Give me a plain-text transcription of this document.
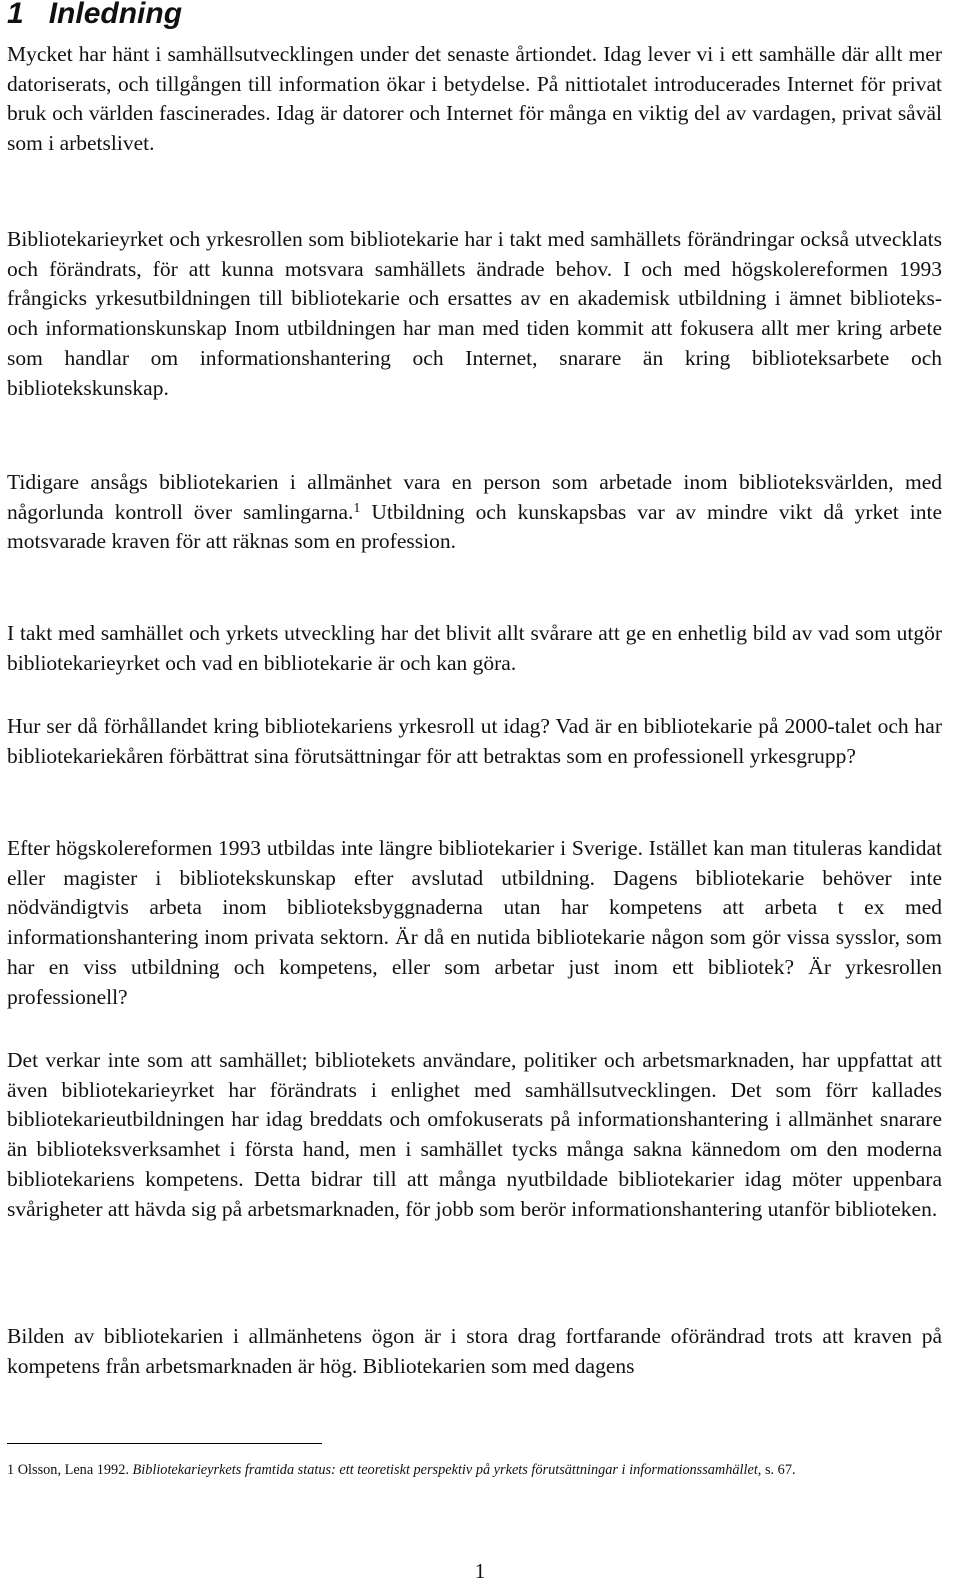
1 Inledning

Mycket har hänt i samhällsutvecklingen under det senaste årtiondet. Idag lever vi i ett samhälle där allt mer datoriserats, och tillgången till information ökar i betydelse. På nittiotalet introducerades Internet för privat bruk och världen fascinerades. Idag är datorer och Internet för många en viktig del av vardagen, privat såväl som i arbetslivet.

Bibliotekarieyrket och yrkesrollen som bibliotekarie har i takt med samhällets förändringar också utvecklats och förändrats, för att kunna motsvara samhällets ändrade behov. I och med högskolereformen 1993 frångicks yrkesutbildningen till bibliotekarie och ersattes av en akademisk utbildning i ämnet biblioteks- och informationskunskap Inom utbildningen har man med tiden kommit att fokusera allt mer kring arbete som handlar om informationshantering och Internet, snarare än kring biblioteksarbete och bibliotekskunskap.

Tidigare ansågs bibliotekarien i allmänhet vara en person som arbetade inom biblioteksvärlden, med någorlunda kontroll över samlingarna.$^1$ Utbildning och kunskapsbas var av mindre vikt då yrket inte motsvarade kraven för att räknas som en profession.

I takt med samhället och yrkets utveckling har det blivit allt svårare att ge en enhetlig bild av vad som utgör bibliotekarieyrket och vad en bibliotekarie är och kan göra.

Hur ser då förhållandet kring bibliotekariens yrkesroll ut idag? Vad är en bibliotekarie på 2000-talet och har bibliotekariekåren förbättrat sina förutsättningar för att betraktas som en professionell yrkesgrupp?

Efter högskolereformen 1993 utbildas inte längre bibliotekarier i Sverige. Istället kan man tituleras kandidat eller magister i bibliotekskunskap efter avslutad utbildning. Dagens bibliotekarie behöver inte nödvändigtvis arbeta inom biblioteksbyggnaderna utan har kompetens att arbeta t ex med informationshantering inom privata sektorn. Är då en nutida bibliotekarie någon som gör vissa sysslor, som har en viss utbildning och kompetens, eller som arbetar just inom ett bibliotek? Är yrkesrollen professionell?

Det verkar inte som att samhället; bibliotekets användare, politiker och arbetsmarknaden, har uppfattat att även bibliotekarieyrket har förändrats i enlighet med samhällsutvecklingen. Det som förr kallades bibliotekarieutbildningen har idag breddats och omfokuserats på informationshantering i allmänhet snarare än biblioteksverksamhet i första hand, men i samhället tycks många sakna kännedom om den moderna bibliotekariens kompetens. Detta bidrar till att många nyutbildade bibliotekarier idag möter uppenbara svårigheter att hävda sig på arbetsmarknaden, för jobb som berör informationshantering utanför biblioteken.

Bilden av bibliotekarien i allmänhetens ögon är i stora drag fortfarande oförändrad trots att kraven på kompetens från arbetsmarknaden är hög. Bibliotekarien som med dagens

1 Olsson, Lena 1992. Bibliotekarieyrkets framtida status: ett teoretiskt perspektiv på yrkets förutsättningar i informationssamhället, s. 67.

1
